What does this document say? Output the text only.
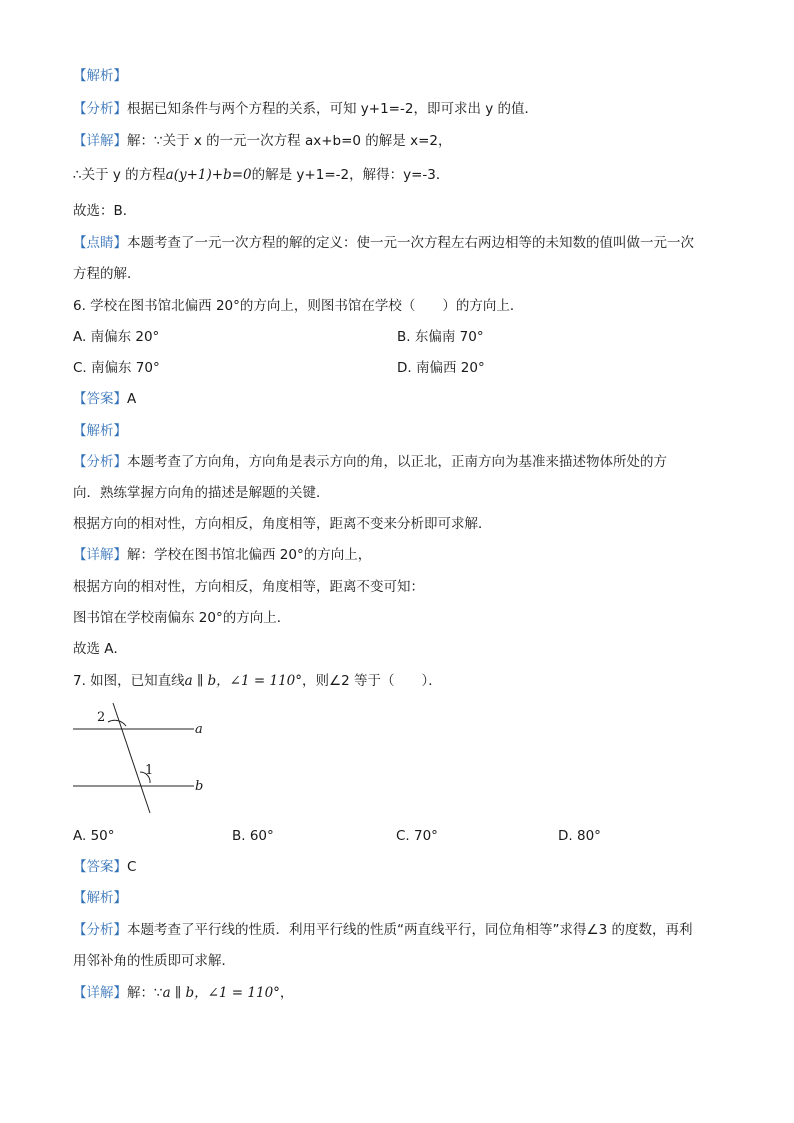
【解析】
【分析】根据已知条件与两个方程的关系，可知 y+1=-2，即可求出 y 的值．
【详解】解：∵关于 x 的一元一次方程 ax+b=0 的解是 x=2，
∴关于 y 的方程a(y+1)+b=0的解是 y+1=-2，解得：y=-3．
故选：B．
【点睛】本题考查了一元一次方程的解的定义：使一元一次方程左右两边相等的未知数的值叫做一元一次
方程的解．
6. 学校在图书馆北偏西 20°的方向上，则图书馆在学校（　　）的方向上．
A. 南偏东 20°	B. 东偏南 70°
C. 南偏东 70°	D. 南偏西 20°
【答案】A
【解析】
【分析】本题考查了方向角，方向角是表示方向的角，以正北，正南方向为基准来描述物体所处的方
向．熟练掌握方向角的描述是解题的关键．
根据方向的相对性，方向相反，角度相等，距离不变来分析即可求解．
【详解】解：学校在图书馆北偏西 20°的方向上，
根据方向的相对性，方向相反，角度相等，距离不变可知：
图书馆在学校南偏东 20°的方向上．
故选 A．
7. 如图，已知直线a ∥ b，∠1 = 110°，则∠2 等于（　　）．
2
a
1
b
A. 50°	B. 60°	C. 70°	D. 80°
【答案】C
【解析】
【分析】本题考查了平行线的性质．利用平行线的性质“两直线平行，同位角相等”求得∠3 的度数，再利
用邻补角的性质即可求解．
【详解】解：∵a ∥ b，∠1 = 110°，
